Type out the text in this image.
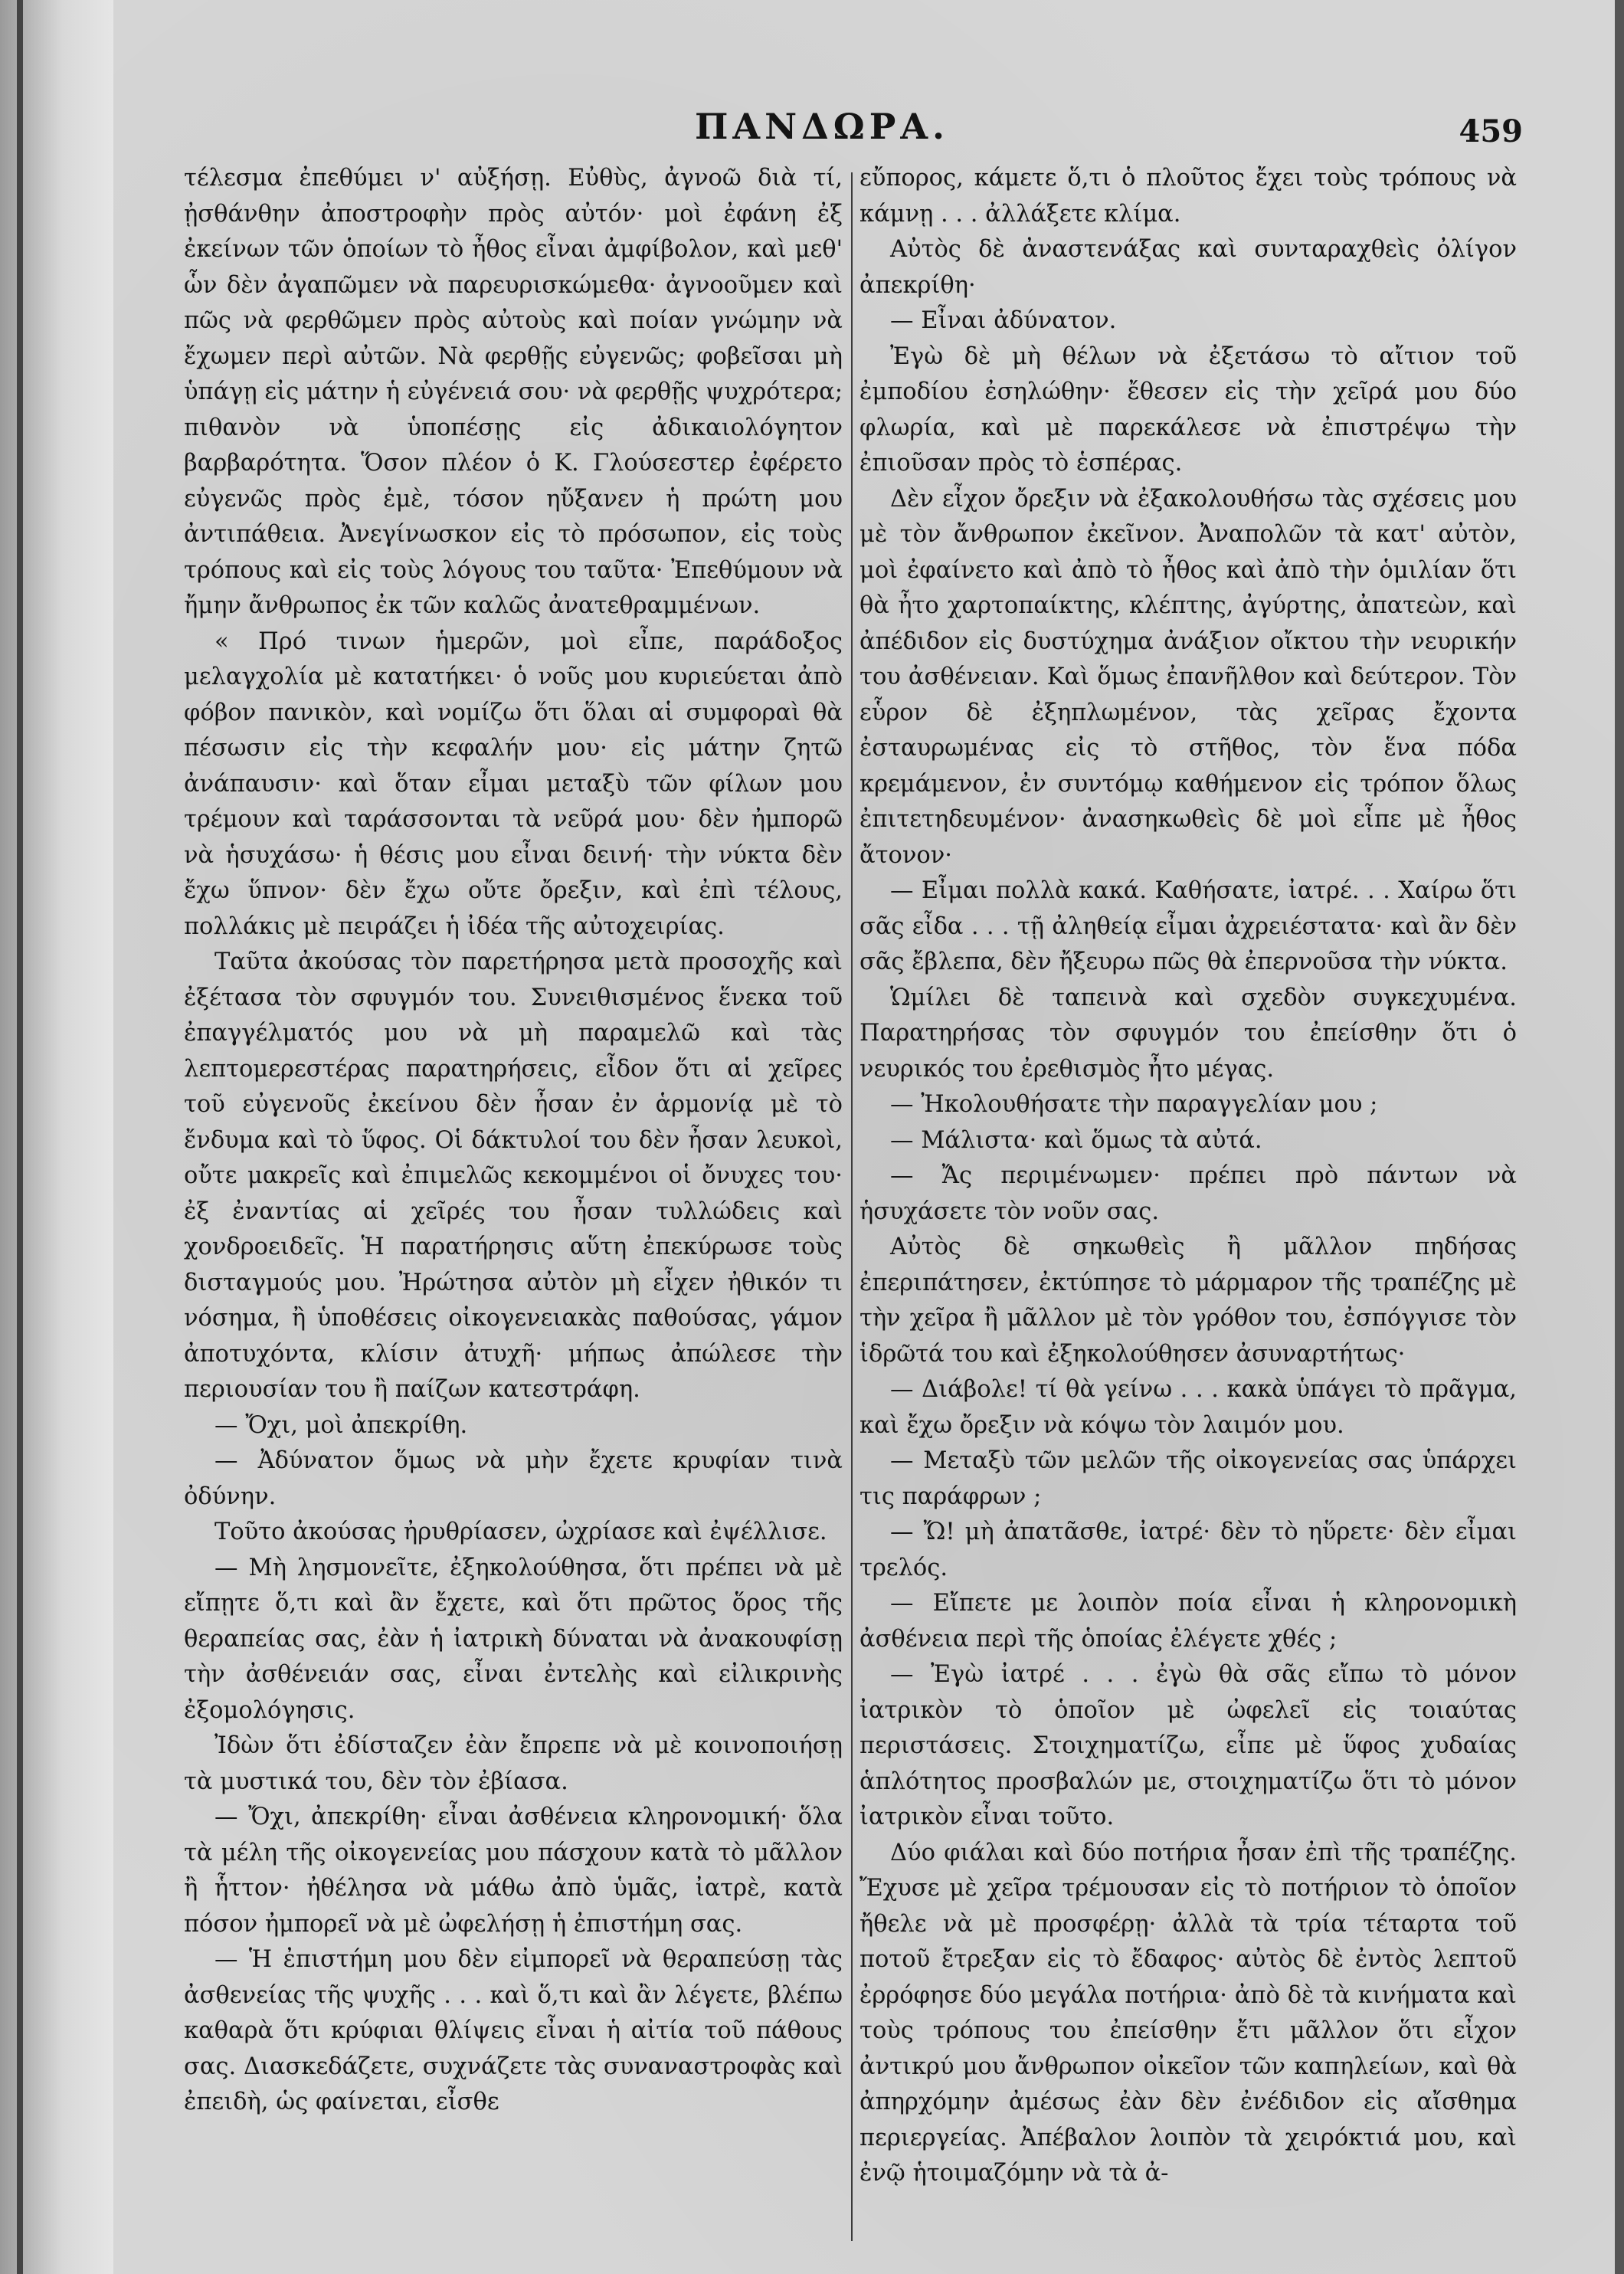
ΠΑΝΔΩΡΑ.	459

τέλεσμα ἐπεθύμει ν' αὐξήσῃ. Εὐθὺς, ἀγνοῶ διὰ τί, ᾐσθάνθην ἀποστροφὴν πρὸς αὐτόν· μοὶ ἐφάνη ἐξ ἐκείνων τῶν ὁποίων τὸ ἦθος εἶναι ἀμφίβολον, καὶ μεθ' ὧν δὲν ἀγαπῶμεν νὰ παρευρισκώμεθα· ἀγνοοῦμεν καὶ πῶς νὰ φερθῶμεν πρὸς αὐτοὺς καὶ ποίαν γνώμην νὰ ἔχωμεν περὶ αὐτῶν. Νὰ φερθῇς εὐγενῶς; φοβεῖσαι μὴ ὑπάγῃ εἰς μάτην ἡ εὐγένειά σου· νὰ φερθῇς ψυχρότερα; πιθανὸν νὰ ὑποπέσῃς εἰς ἀδικαιολόγητον βαρβαρότητα. Ὅσον πλέον ὁ Κ. Γλούσεστερ ἐφέρετο εὐγενῶς πρὸς ἐμὲ, τόσον ηὔξανεν ἡ πρώτη μου ἀντιπάθεια. Ἀνεγίνωσκον εἰς τὸ πρόσωπον, εἰς τοὺς τρόπους καὶ εἰς τοὺς λόγους του ταῦτα· Ἐπεθύμουν νὰ ἤμην ἄνθρωπος ἐκ τῶν καλῶς ἀνατεθραμμένων.

« Πρό τινων ἡμερῶν, μοὶ εἶπε, παράδοξος μελαγχολία μὲ κατατήκει· ὁ νοῦς μου κυριεύεται ἀπὸ φόβον πανικὸν, καὶ νομίζω ὅτι ὅλαι αἱ συμφοραὶ θὰ πέσωσιν εἰς τὴν κεφαλήν μου· εἰς μάτην ζητῶ ἀνάπαυσιν· καὶ ὅταν εἶμαι μεταξὺ τῶν φίλων μου τρέμουν καὶ ταράσσονται τὰ νεῦρά μου· δὲν ἠμπορῶ νὰ ἡσυχάσω· ἡ θέσις μου εἶναι δεινή· τὴν νύκτα δὲν ἔχω ὕπνον· δὲν ἔχω οὔτε ὄρεξιν, καὶ ἐπὶ τέλους, πολλάκις μὲ πειράζει ἡ ἰδέα τῆς αὐτοχειρίας.

Ταῦτα ἀκούσας τὸν παρετήρησα μετὰ προσοχῆς καὶ ἐξέτασα τὸν σφυγμόν του. Συνειθισμένος ἕνεκα τοῦ ἐπαγγέλματός μου νὰ μὴ παραμελῶ καὶ τὰς λεπτομερεστέρας παρατηρήσεις, εἶδον ὅτι αἱ χεῖρες τοῦ εὐγενοῦς ἐκείνου δὲν ἦσαν ἐν ἁρμονίᾳ μὲ τὸ ἔνδυμα καὶ τὸ ὕφος. Οἱ δάκτυλοί του δὲν ἦσαν λευκοὶ, οὔτε μακρεῖς καὶ ἐπιμελῶς κεκομμένοι οἱ ὄνυχες του· ἐξ ἐναντίας αἱ χεῖρές του ἦσαν τυλλώδεις καὶ χονδροειδεῖς. Ἡ παρατήρησις αὕτη ἐπεκύρωσε τοὺς δισταγμούς μου. Ἠρώτησα αὐτὸν μὴ εἶχεν ἠθικόν τι νόσημα, ἢ ὑποθέσεις οἰκογενειακὰς παθούσας, γάμον ἀποτυχόντα, κλίσιν ἀτυχῆ· μήπως ἀπώλεσε τὴν περιουσίαν του ἢ παίζων κατεστράφη.

— Ὄχι, μοὶ ἀπεκρίθη.

— Ἀδύνατον ὅμως νὰ μὴν ἔχετε κρυφίαν τινὰ ὀδύνην.

Τοῦτο ἀκούσας ἠρυθρίασεν, ὠχρίασε καὶ ἐψέλλισε.

— Μὴ λησμονεῖτε, ἐξηκολούθησα, ὅτι πρέπει νὰ μὲ εἴπῃτε ὅ,τι καὶ ἂν ἔχετε, καὶ ὅτι πρῶτος ὅρος τῆς θεραπείας σας, ἐὰν ἡ ἰατρικὴ δύναται νὰ ἀνακουφίσῃ τὴν ἀσθένειάν σας, εἶναι ἐντελὴς καὶ εἰλικρινὴς ἐξομολόγησις.

Ἰδὼν ὅτι ἐδίσταζεν ἐὰν ἔπρεπε νὰ μὲ κοινοποιήσῃ τὰ μυστικά του, δὲν τὸν ἐβίασα.

— Ὄχι, ἀπεκρίθη· εἶναι ἀσθένεια κληρονομική· ὅλα τὰ μέλη τῆς οἰκογενείας μου πάσχουν κατὰ τὸ μᾶλλον ἢ ἧττον· ἠθέλησα νὰ μάθω ἀπὸ ὑμᾶς, ἰατρὲ, κατὰ πόσον ἠμπορεῖ νὰ μὲ ὠφελήσῃ ἡ ἐπιστήμη σας.

— Ἡ ἐπιστήμη μου δὲν εἰμπορεῖ νὰ θεραπεύσῃ τὰς ἀσθενείας τῆς ψυχῆς . . . καὶ ὅ,τι καὶ ἂν λέγετε, βλέπω καθαρὰ ὅτι κρύφιαι θλίψεις εἶναι ἡ αἰτία τοῦ πάθους σας. Διασκεδάζετε, συχνάζετε τὰς συναναστροφὰς καὶ ἐπειδὴ, ὡς φαίνεται, εἶσθε

εὔπορος, κάμετε ὅ,τι ὁ πλοῦτος ἔχει τοὺς τρόπους νὰ κάμνῃ . . . ἀλλάξετε κλίμα.

Αὐτὸς δὲ ἀναστενάξας καὶ συνταραχθεὶς ὀλίγον ἀπεκρίθη·

— Εἶναι ἀδύνατον.

Ἐγὼ δὲ μὴ θέλων νὰ ἐξετάσω τὸ αἴτιον τοῦ ἐμποδίου ἐσηλώθην· ἔθεσεν εἰς τὴν χεῖρά μου δύο φλωρία, καὶ μὲ παρεκάλεσε νὰ ἐπιστρέψω τὴν ἐπιοῦσαν πρὸς τὸ ἑσπέρας.

Δὲν εἶχον ὄρεξιν νὰ ἐξακολουθήσω τὰς σχέσεις μου μὲ τὸν ἄνθρωπον ἐκεῖνον. Ἀναπολῶν τὰ κατ' αὐτὸν, μοὶ ἐφαίνετο καὶ ἀπὸ τὸ ἦθος καὶ ἀπὸ τὴν ὁμιλίαν ὅτι θὰ ἦτο χαρτοπαίκτης, κλέπτης, ἀγύρτης, ἀπατεὼν, καὶ ἀπέδιδον εἰς δυστύχημα ἀνάξιον οἴκτου τὴν νευρικήν του ἀσθένειαν. Καὶ ὅμως ἐπανῆλθον καὶ δεύτερον. Τὸν εὗρον δὲ ἐξηπλωμένον, τὰς χεῖρας ἔχοντα ἐσταυρωμένας εἰς τὸ στῆθος, τὸν ἕνα πόδα κρεμάμενον, ἐν συντόμῳ καθήμενον εἰς τρόπον ὅλως ἐπιτετηδευμένον· ἀνασηκωθεὶς δὲ μοὶ εἶπε μὲ ἦθος ἄτονον·

— Εἶμαι πολλὰ κακά. Καθήσατε, ἰατρέ. . . Χαίρω ὅτι σᾶς εἶδα . . . τῇ ἀληθείᾳ εἶμαι ἀχρειέστατα· καὶ ἂν δὲν σᾶς ἔβλεπα, δὲν ἤξευρω πῶς θὰ ἐπερνοῦσα τὴν νύκτα.

Ὡμίλει δὲ ταπεινὰ καὶ σχεδὸν συγκεχυμένα. Παρατηρήσας τὸν σφυγμόν του ἐπείσθην ὅτι ὁ νευρικός του ἐρεθισμὸς ἦτο μέγας.

— Ἠκολουθήσατε τὴν παραγγελίαν μου ;

— Μάλιστα· καὶ ὅμως τὰ αὐτά.

— Ἄς περιμένωμεν· πρέπει πρὸ πάντων νὰ ἡσυχάσετε τὸν νοῦν σας.

Αὐτὸς δὲ σηκωθεὶς ἢ μᾶλλον πηδήσας ἐπεριπάτησεν, ἐκτύπησε τὸ μάρμαρον τῆς τραπέζης μὲ τὴν χεῖρα ἢ μᾶλλον μὲ τὸν γρόθον του, ἐσπόγγισε τὸν ἱδρῶτά του καὶ ἐξηκολούθησεν ἀσυναρτήτως·

— Διάβολε! τί θὰ γείνω . . . κακὰ ὑπάγει τὸ πρᾶγμα, καὶ ἔχω ὄρεξιν νὰ κόψω τὸν λαιμόν μου.

— Μεταξὺ τῶν μελῶν τῆς οἰκογενείας σας ὑπάρχει τις παράφρων ;

— Ὤ! μὴ ἀπατᾶσθε, ἰατρέ· δὲν τὸ ηὕρετε· δὲν εἶμαι τρελός.

— Εἴπετε με λοιπὸν ποία εἶναι ἡ κληρονομικὴ ἀσθένεια περὶ τῆς ὁποίας ἐλέγετε χθές ;

— Ἐγὼ ἰατρέ . . . ἐγὼ θὰ σᾶς εἴπω τὸ μόνον ἰατρικὸν τὸ ὁποῖον μὲ ὠφελεῖ εἰς τοιαύτας περιστάσεις. Στοιχηματίζω, εἶπε μὲ ὕφος χυδαίας ἁπλότητος προσβαλών με, στοιχηματίζω ὅτι τὸ μόνον ἰατρικὸν εἶναι τοῦτο.

Δύο φιάλαι καὶ δύο ποτήρια ἦσαν ἐπὶ τῆς τραπέζης. Ἔχυσε μὲ χεῖρα τρέμουσαν εἰς τὸ ποτήριον τὸ ὁποῖον ἤθελε νὰ μὲ προσφέρῃ· ἀλλὰ τὰ τρία τέταρτα τοῦ ποτοῦ ἔτρεξαν εἰς τὸ ἔδαφος· αὐτὸς δὲ ἐντὸς λεπτοῦ ἐρρόφησε δύο μεγάλα ποτήρια· ἀπὸ δὲ τὰ κινήματα καὶ τοὺς τρόπους του ἐπείσθην ἔτι μᾶλλον ὅτι εἶχον ἀντικρύ μου ἄνθρωπον οἰκεῖον τῶν καπηλείων, καὶ θὰ ἀπηρχόμην ἀμέσως ἐὰν δὲν ἐνέδιδον εἰς αἴσθημα περιεργείας. Ἀπέβαλον λοιπὸν τὰ χειρόκτιά μου, καὶ ἐνῷ ἡτοιμαζόμην νὰ τὰ ἀ-
